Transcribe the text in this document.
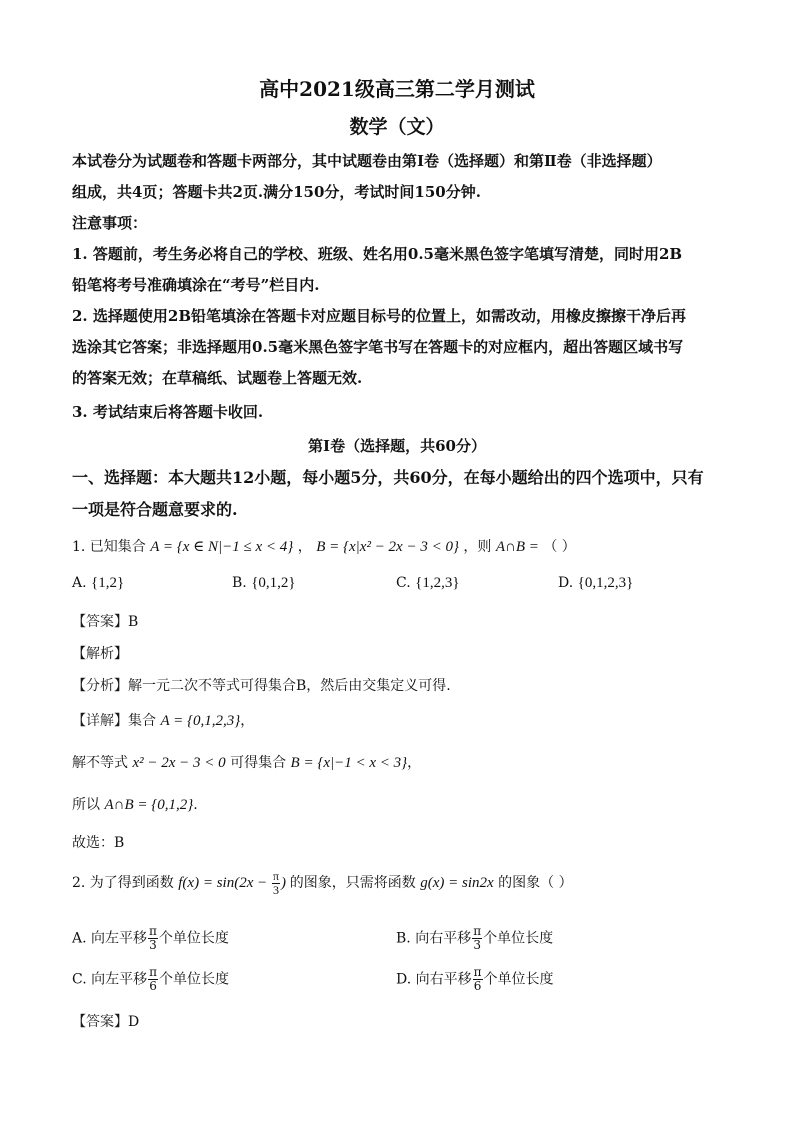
高中2021级高三第二学月测试
数学（文）
本试卷分为试题卷和答题卡两部分，其中试题卷由第Ⅰ卷（选择题）和第Ⅱ卷（非选择题）
组成，共4页；答题卡共2页.满分150分，考试时间150分钟.
注意事项：
1. 答题前，考生务必将自己的学校、班级、姓名用0.5毫米黑色签字笔填写清楚，同时用2B
铅笔将考号准确填涂在“考号”栏目内.
2. 选择题使用2B铅笔填涂在答题卡对应题目标号的位置上，如需改动，用橡皮擦擦干净后再
选涂其它答案；非选择题用0.5毫米黑色签字笔书写在答题卡的对应框内，超出答题区域书写
的答案无效；在草稿纸、试题卷上答题无效.
3. 考试结束后将答题卡收回.
第Ⅰ卷（选择题，共60分）
一、选择题：本大题共12小题，每小题5分，共60分，在每小题给出的四个选项中，只有
一项是符合题意要求的.
1. 已知集合 A = {x ∈ N|−1 ≤ x < 4} ， B = {x|x² − 2x − 3 < 0} ，则 A∩B = （ ）
A. {1,2}	B. {0,1,2}	C. {1,2,3}	D. {0,1,2,3}
【答案】B
【解析】
【分析】解一元二次不等式可得集合B，然后由交集定义可得.
【详解】集合 A = {0,1,2,3}，
解不等式 x² − 2x − 3 < 0 可得集合 B = {x|−1 < x < 3}，
所以 A∩B = {0,1,2}.
故选：B
2. 为了得到函数 $f(x) = \sin(2x - \frac{\pi}{3}$ ) 的图象，只需将函数 g(x) = sin2x 的图象（ ）
A. 向左平移 $\frac{\pi}{3}$ 个单位长度	B. 向右平移 $\frac{\pi}{3}$ 个单位长度
C. 向左平移 $\frac{\pi}{6}$ 个单位长度	D. 向右平移 $\frac{\pi}{6}$ 个单位长度
【答案】D
